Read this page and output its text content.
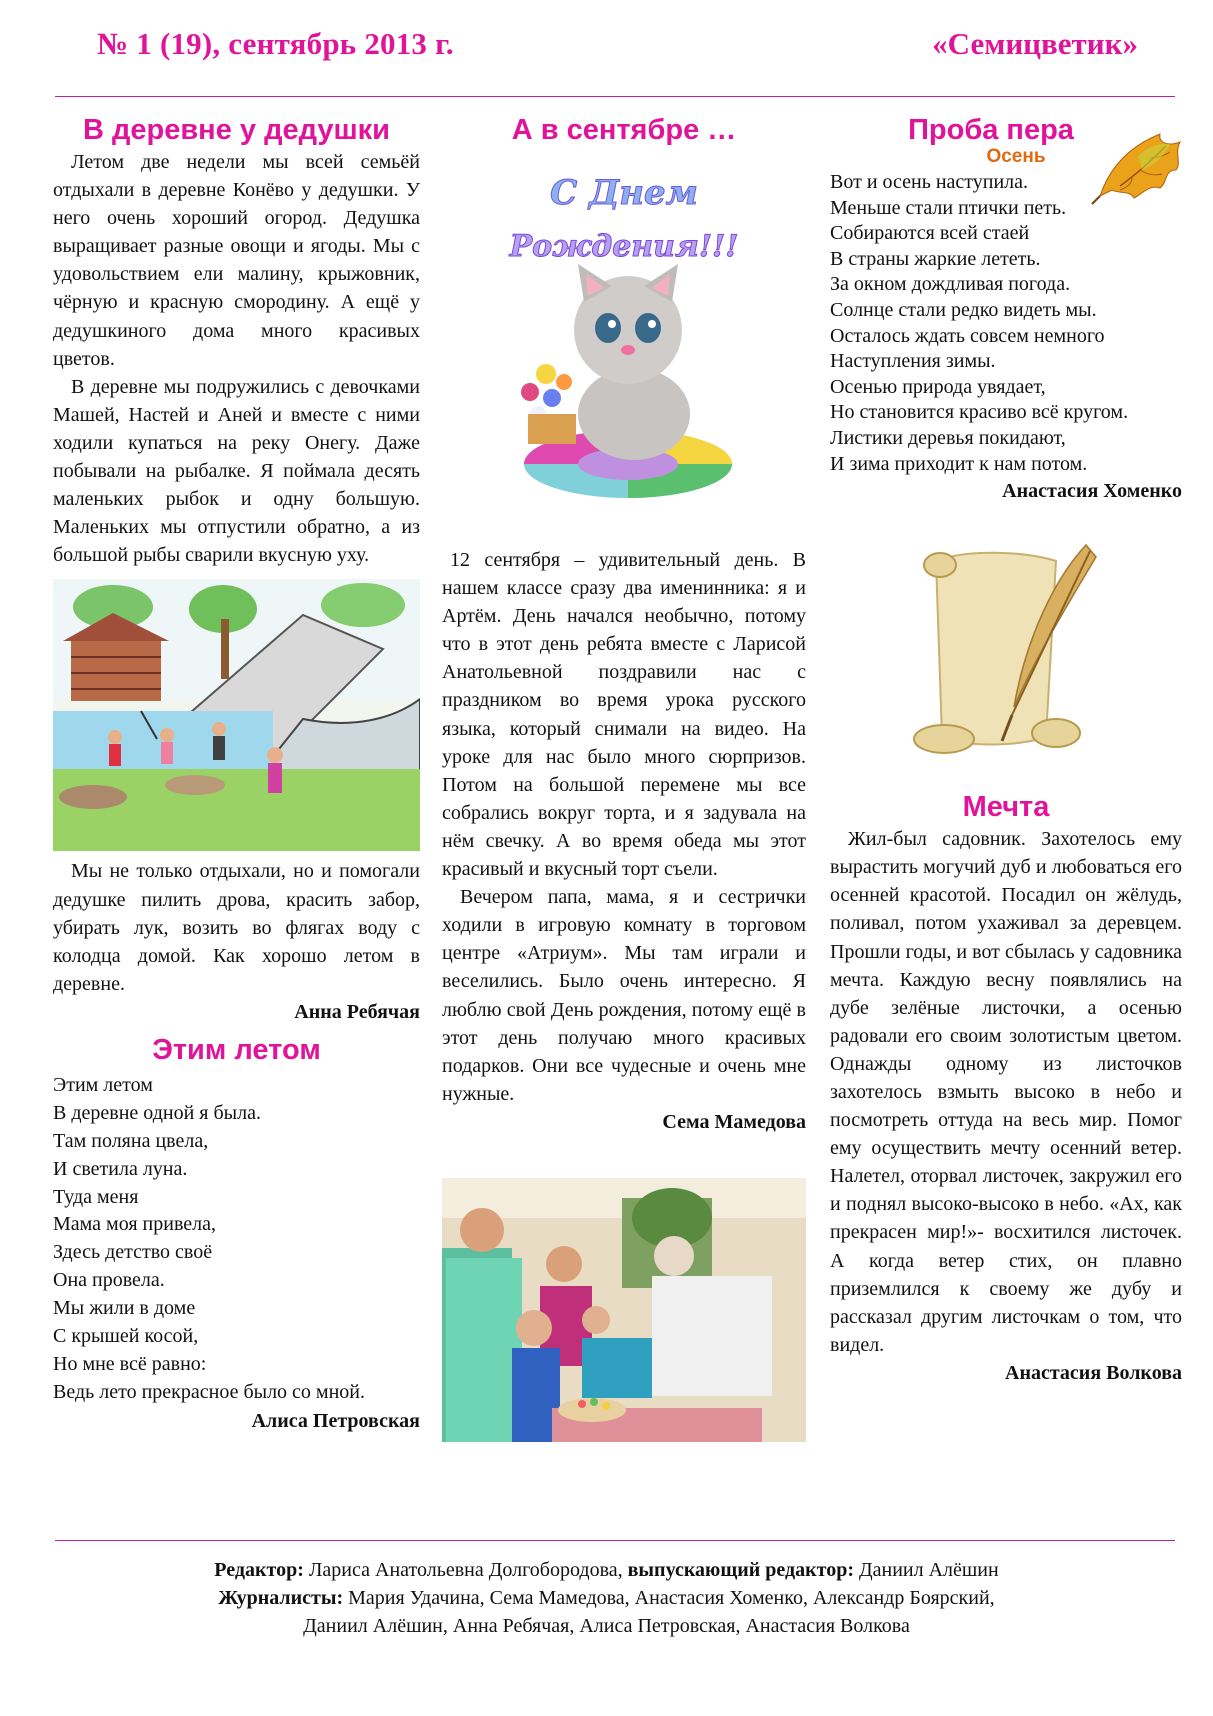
№ 1 (19), сентябрь 2013 г.	«Семицветик»
В деревне у дедушки

Летом две недели мы всей семьёй отдыхали в деревне Конёво у дедушки. У него очень хороший огород. Дедушка выращивает разные овощи и ягоды. Мы с удовольствием ели малину, крыжовник, чёрную и красную смородину. А ещё у дедушкиного дома много красивых цветов.

В деревне мы подружились с девочками Машей, Настей и Аней и вместе с ними ходили купаться на реку Онегу. Даже побывали на рыбалке. Я поймала десять маленьких рыбок и одну большую. Маленьких мы отпустили обратно, а из большой рыбы сварили вкусную уху.

Мы не только отдыхали, но и помогали дедушке пилить дрова, красить забор, убирать лук, возить во флягах воду с колодца домой. Как хорошо летом в деревне.

Анна Ребячая
Этим летом
Этим летом
В деревне одной я была.
Там поляна цвела,
И светила луна.
Туда меня
Мама моя привела,
Здесь детство своё
Она провела.
Мы жили в доме
С крышей косой,
Но мне всё равно:
Ведь лето прекрасное было со мной.
Алиса Петровская
А в сентябре …
С Днем
Рождения!!!

12 сентября – удивительный день. В нашем классе сразу два именинника: я и Артём. День начался необычно, потому что в этот день ребята вместе с Ларисой Анатольевной поздравили нас с праздником во время урока русского языка, который снимали на видео. На уроке для нас было много сюрпризов. Потом на большой перемене мы все собрались вокруг торта, и я задувала на нём свечку. А во время обеда мы этот красивый и вкусный торт съели.

Вечером папа, мама, я и сестрички ходили в игровую комнату в торговом центре «Атриум». Мы там играли и веселились. Было очень интересно. Я люблю свой День рождения, потому ещё в этот день получаю много красивых подарков. Они все чудесные и очень мне нужные.

Сема Мамедова
Проба пера
Осень
Вот и осень наступила.
Меньше стали птички петь.
Собираются всей стаей
В страны жаркие лететь.
За окном дождливая погода.
Солнце стали редко видеть мы.
Осталось ждать совсем немного
Наступления зимы.
Осенью природа увядает,
Но становится красиво всё кругом.
Листики деревья покидают,
И зима приходит к нам потом.
Анастасия Хоменко
Мечта

Жил-был садовник. Захотелось ему вырастить могучий дуб и любоваться его осенней красотой. Посадил он жёлудь, поливал, потом ухаживал за деревцем. Прошли годы, и вот сбылась у садовника мечта. Каждую весну появлялись на дубе зелёные листочки, а осенью радовали его своим золотистым цветом. Однажды одному из листочков захотелось взмыть высоко в небо и посмотреть оттуда на весь мир. Помог ему осуществить мечту осенний ветер. Налетел, оторвал листочек, закружил его и поднял высоко-высоко в небо. «Ах, как прекрасен мир!»- восхитился листочек. А когда ветер стих, он плавно приземлился к своему же дубу и рассказал другим листочкам о том, что видел.

Анастасия Волкова
Редактор: Лариса Анатольевна Долгобородова, выпускающий редактор: Даниил Алёшин
Журналисты: Мария Удачина, Сема Мамедова, Анастасия Хоменко, Александр Боярский,
Даниил Алёшин, Анна Ребячая, Алиса Петровская, Анастасия Волкова
